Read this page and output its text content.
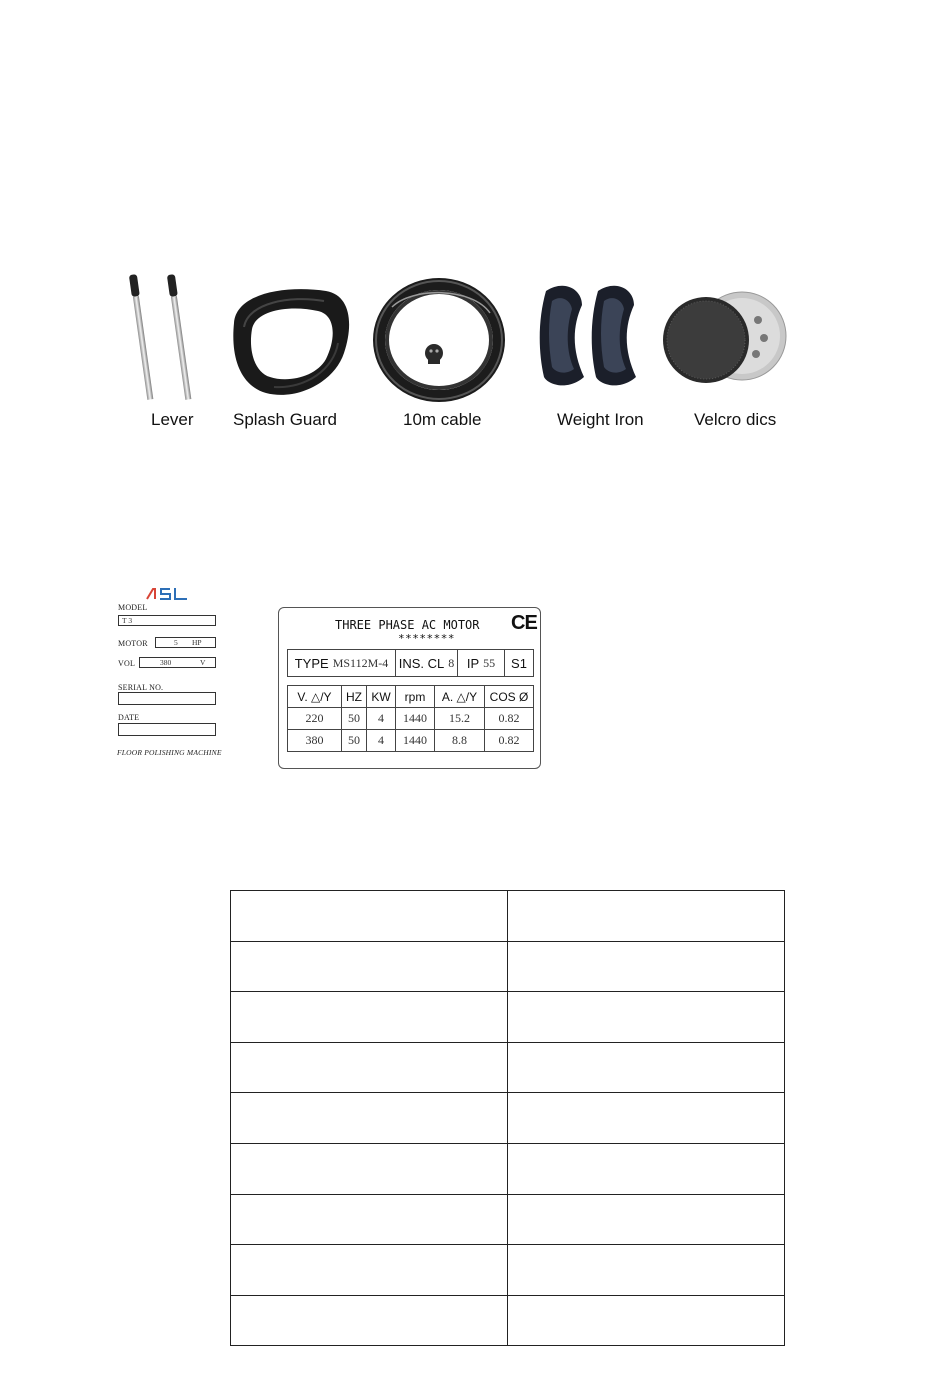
Lever Splash Guard	10m cable	Weight Iron	Velcro dics
MODEL
T 3
MOTOR	5 HP
VOL	380	V
SERIAL NO.
DATE
FLOOR POLISHING MACHINE
THREE PHASE AC MOTOR
********
CE
TYPE MS112M-4 INS. CL 8 IP 55 S1
V. △/Y	HZ	KW	rpm	A. △/Y	COS Ø
220	50	4	1440	15.2	0.82
380	50	4	1440	8.8	0.82
